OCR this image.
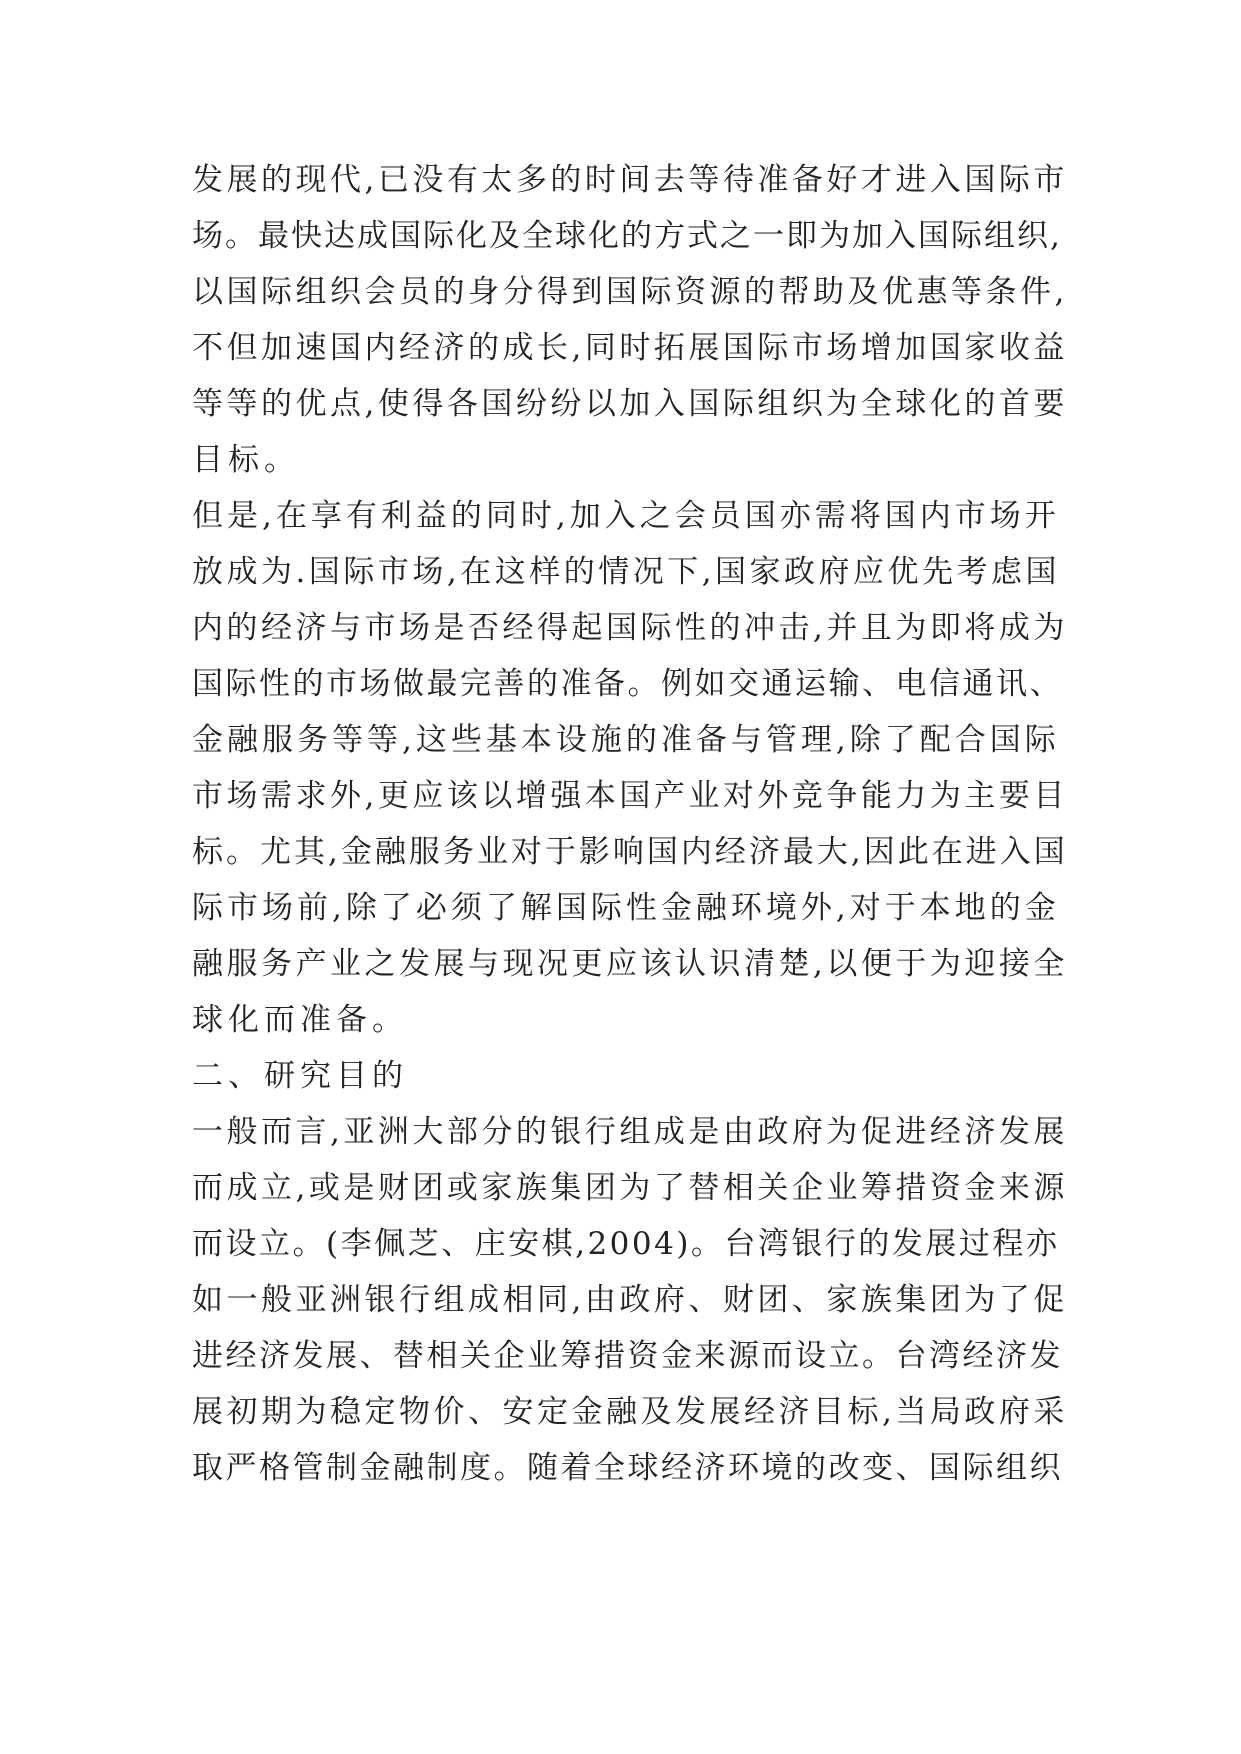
发展的现代,已没有太多的时间去等待准备好才进入国际市
场。最快达成国际化及全球化的方式之一即为加入国际组织,
以国际组织会员的身分得到国际资源的帮助及优惠等条件,
不但加速国内经济的成长,同时拓展国际市场增加国家收益
等等的优点,使得各国纷纷以加入国际组织为全球化的首要
目标。
但是,在享有利益的同时,加入之会员国亦需将国内市场开
放成为.国际市场,在这样的情况下,国家政府应优先考虑国
内的经济与市场是否经得起国际性的冲击,并且为即将成为
国际性的市场做最完善的准备。例如交通运输、电信通讯、
金融服务等等,这些基本设施的准备与管理,除了配合国际
市场需求外,更应该以增强本国产业对外竞争能力为主要目
标。尤其,金融服务业对于影响国内经济最大,因此在进入国
际市场前,除了必须了解国际性金融环境外,对于本地的金
融服务产业之发展与现况更应该认识清楚,以便于为迎接全
球化而准备。
二、研究目的
一般而言,亚洲大部分的银行组成是由政府为促进经济发展
而成立,或是财团或家族集团为了替相关企业筹措资金来源
而设立。(李佩芝、庄安棋,2004)。台湾银行的发展过程亦
如一般亚洲银行组成相同,由政府、财团、家族集团为了促
进经济发展、替相关企业筹措资金来源而设立。台湾经济发
展初期为稳定物价、安定金融及发展经济目标,当局政府采
取严格管制金融制度。随着全球经济环境的改变、国际组织
